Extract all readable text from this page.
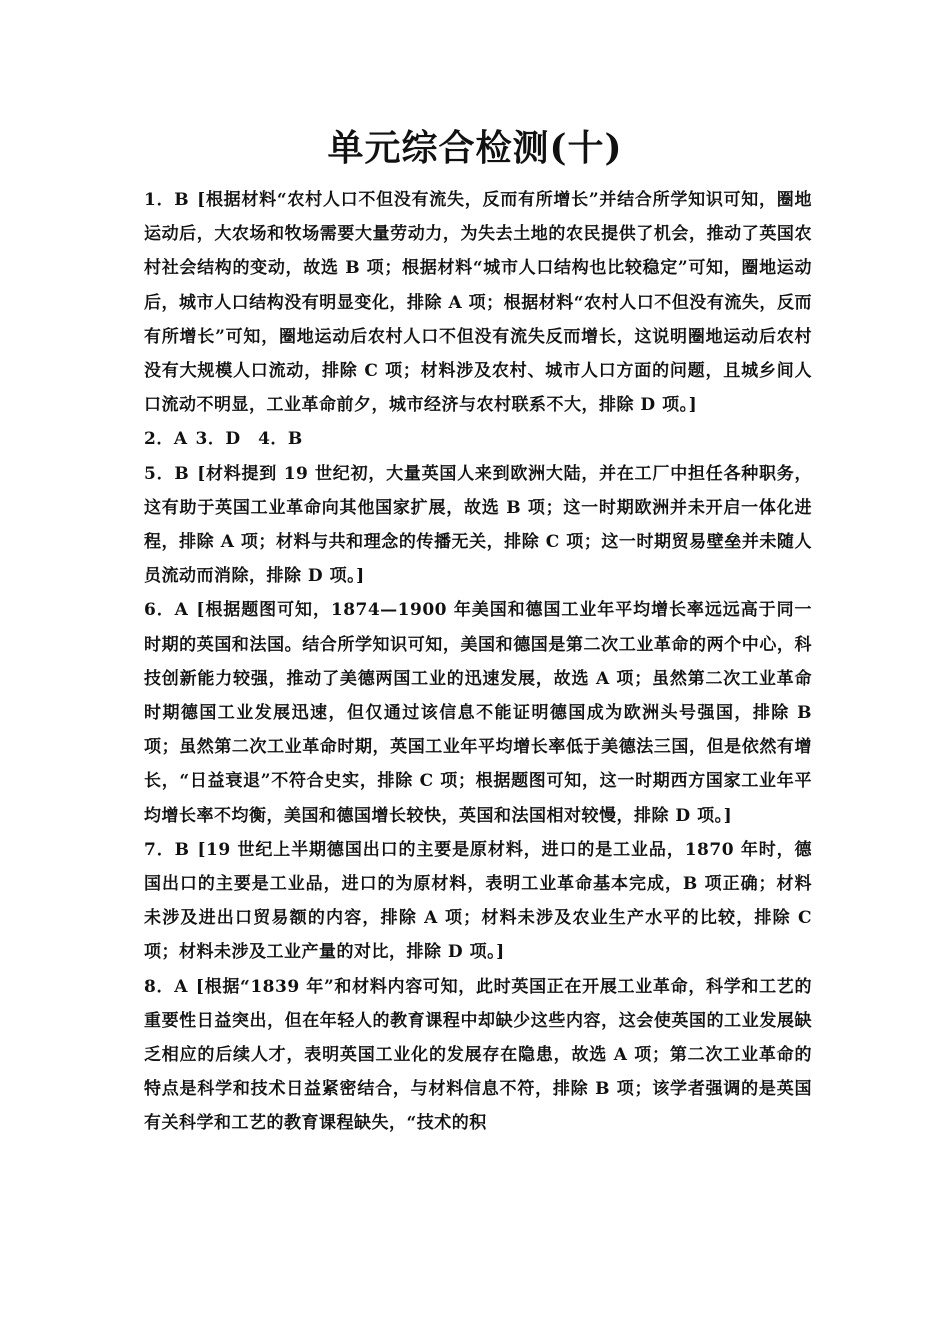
单元综合检测(十)

1．B [根据材料“农村人口不但没有流失，反而有所增长”并结合所学知识可知，圈地运动后，大农场和牧场需要大量劳动力，为失去土地的农民提供了机会，推动了英国农村社会结构的变动，故选 B 项；根据材料“城市人口结构也比较稳定”可知，圈地运动后，城市人口结构没有明显变化，排除 A 项；根据材料“农村人口不但没有流失，反而有所增长”可知，圈地运动后农村人口不但没有流失反而增长，这说明圈地运动后农村没有大规模人口流动，排除 C 项；材料涉及农村、城市人口方面的问题，且城乡间人口流动不明显，工业革命前夕，城市经济与农村联系不大，排除 D 项。]

2．A 3．D　4．B

5．B [材料提到 19 世纪初，大量英国人来到欧洲大陆，并在工厂中担任各种职务，这有助于英国工业革命向其他国家扩展，故选 B 项；这一时期欧洲并未开启一体化进程，排除 A 项；材料与共和理念的传播无关，排除 C 项；这一时期贸易壁垒并未随人员流动而消除，排除 D 项。]

6．A [根据题图可知，1874—1900 年美国和德国工业年平均增长率远远高于同一时期的英国和法国。结合所学知识可知，美国和德国是第二次工业革命的两个中心，科技创新能力较强，推动了美德两国工业的迅速发展，故选 A 项；虽然第二次工业革命时期德国工业发展迅速，但仅通过该信息不能证明德国成为欧洲头号强国，排除 B 项；虽然第二次工业革命时期，英国工业年平均增长率低于美德法三国，但是依然有增长，“日益衰退”不符合史实，排除 C 项；根据题图可知，这一时期西方国家工业年平均增长率不均衡，美国和德国增长较快，英国和法国相对较慢，排除 D 项。]

7．B [19 世纪上半期德国出口的主要是原材料，进口的是工业品，1870 年时，德国出口的主要是工业品，进口的为原材料，表明工业革命基本完成，B 项正确；材料未涉及进出口贸易额的内容，排除 A 项；材料未涉及农业生产水平的比较，排除 C 项；材料未涉及工业产量的对比，排除 D 项。]

8．A [根据“1839 年”和材料内容可知，此时英国正在开展工业革命，科学和工艺的重要性日益突出，但在年轻人的教育课程中却缺少这些内容，这会使英国的工业发展缺乏相应的后续人才，表明英国工业化的发展存在隐患，故选 A 项；第二次工业革命的特点是科学和技术日益紧密结合，与材料信息不符，排除 B 项；该学者强调的是英国有关科学和工艺的教育课程缺失，“技术的积
